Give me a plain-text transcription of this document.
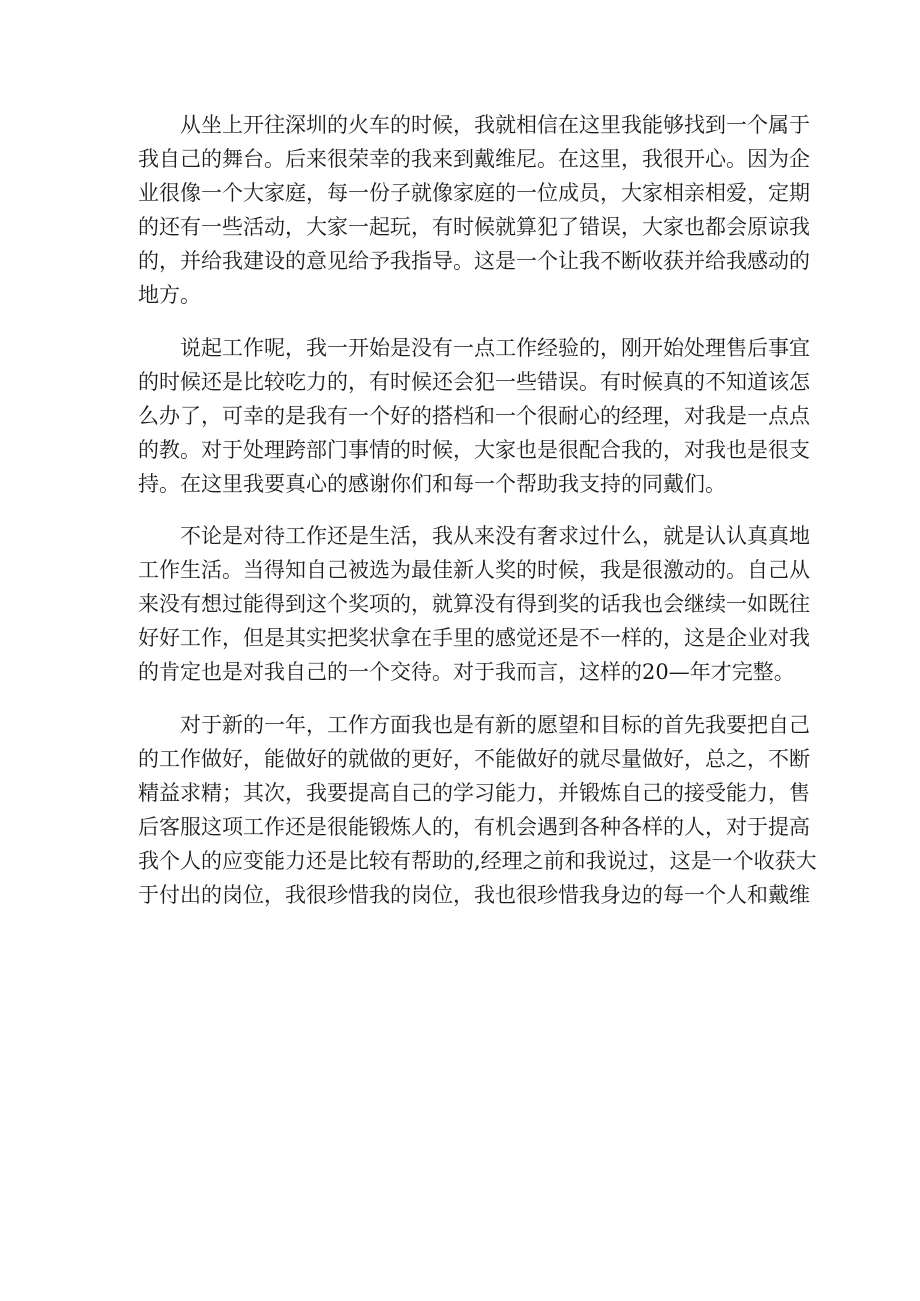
从坐上开往深圳的火车的时候，我就相信在这里我能够找到一个属于
我自己的舞台。后来很荣幸的我来到戴维尼。在这里，我很开心。因为企
业很像一个大家庭，每一份子就像家庭的一位成员，大家相亲相爱，定期
的还有一些活动，大家一起玩，有时候就算犯了错误，大家也都会原谅我
的，并给我建设的意见给予我指导。这是一个让我不断收获并给我感动的
地方。
说起工作呢，我一开始是没有一点工作经验的，刚开始处理售后事宜
的时候还是比较吃力的，有时候还会犯一些错误。有时候真的不知道该怎
么办了，可幸的是我有一个好的搭档和一个很耐心的经理，对我是一点点
的教。对于处理跨部门事情的时候，大家也是很配合我的，对我也是很支
持。在这里我要真心的感谢你们和每一个帮助我支持的同戴们。
不论是对待工作还是生活，我从来没有奢求过什么，就是认认真真地
工作生活。当得知自己被选为最佳新人奖的时候，我是很激动的。自己从
来没有想过能得到这个奖项的，就算没有得到奖的话我也会继续一如既往
好好工作，但是其实把奖状拿在手里的感觉还是不一样的，这是企业对我
的肯定也是对我自己的一个交待。对于我而言，这样的20—年才完整。
对于新的一年，工作方面我也是有新的愿望和目标的首先我要把自己
的工作做好，能做好的就做的更好，不能做好的就尽量做好，总之，不断
精益求精；其次，我要提高自己的学习能力，并锻炼自己的接受能力，售
后客服这项工作还是很能锻炼人的，有机会遇到各种各样的人，对于提高
我个人的应变能力还是比较有帮助的,经理之前和我说过，这是一个收获大
于付出的岗位，我很珍惜我的岗位，我也很珍惜我身边的每一个人和戴维
